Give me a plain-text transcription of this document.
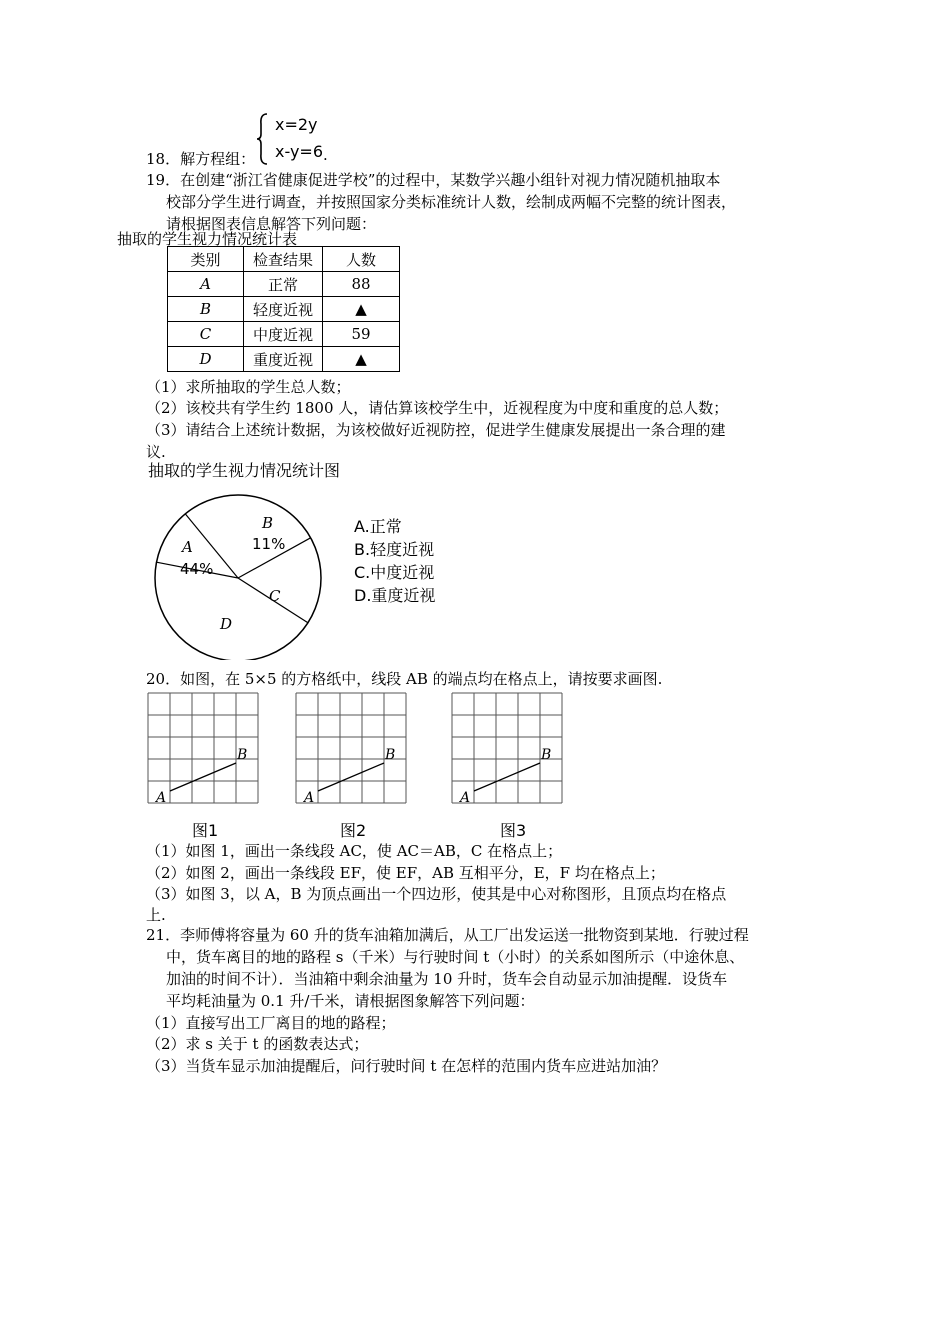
x=2y
x-y=6 .
18．解方程组：
19．在创建“浙江省健康促进学校”的过程中，某数学兴趣小组针对视力情况随机抽取本
校部分学生进行调查，并按照国家分类标准统计人数，绘制成两幅不完整的统计图表，
请根据图表信息解答下列问题：
抽取的学生视力情况统计表
类别	检查结果	人数
A	正常	88
B	轻度近视	▲
C	中度近视	59
D	重度近视	▲
（1）求所抽取的学生总人数；
（2）该校共有学生约 1800 人，请估算该校学生中，近视程度为中度和重度的总人数；
（3）请结合上述统计数据，为该校做好近视防控，促进学生健康发展提出一条合理的建
议.
抽取的学生视力情况统计图
A
44%
B
11%
C
D
A.正常
B.轻度近视
C.中度近视
D.重度近视
20．如图，在 5×5 的方格纸中，线段 AB 的端点均在格点上，请按要求画图.
A
B
A
B
A
B
图1	图2	图3
（1）如图 1，画出一条线段 AC，使 AC＝AB，C 在格点上；
（2）如图 2，画出一条线段 EF，使 EF，AB 互相平分，E，F 均在格点上；
（3）如图 3，以 A，B 为顶点画出一个四边形，使其是中心对称图形，且顶点均在格点
上.
21．李师傅将容量为 60 升的货车油箱加满后，从工厂出发运送一批物资到某地．行驶过程
中，货车离目的地的路程 s（千米）与行驶时间 t（小时）的关系如图所示（中途休息、
加油的时间不计）．当油箱中剩余油量为 10 升时，货车会自动显示加油提醒．设货车
平均耗油量为 0.1 升/千米，请根据图象解答下列问题：
（1）直接写出工厂离目的地的路程；
（2）求 s 关于 t 的函数表达式；
（3）当货车显示加油提醒后，问行驶时间 t 在怎样的范围内货车应进站加油？
